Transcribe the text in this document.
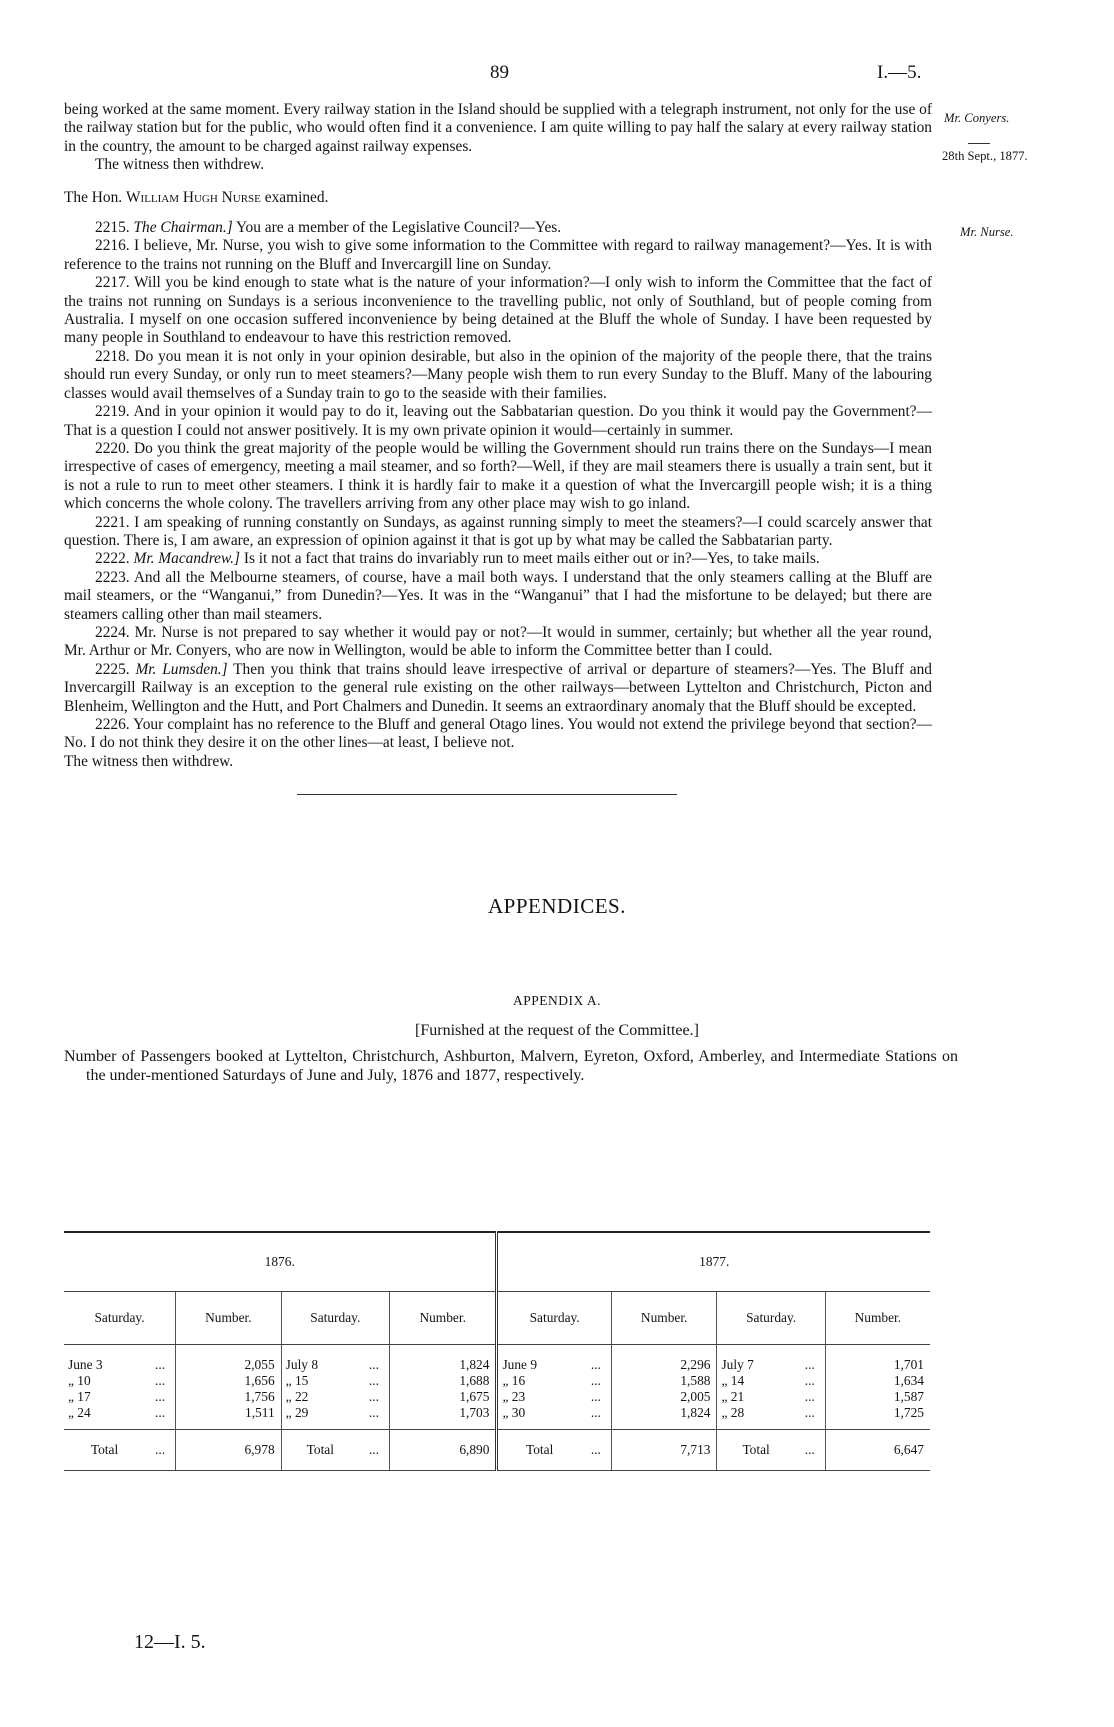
89	I.—5.
Mr. Conyers.
28th Sept., 1877.
Mr. Nurse.

being worked at the same moment. Every railway station in the Island should be supplied with a telegraph instrument, not only for the use of the railway station but for the public, who would often find it a convenience. I am quite willing to pay half the salary at every railway station in the country, the amount to be charged against railway expenses.

The witness then withdrew.

The Hon. William Hugh Nurse examined.

2215. The Chairman.] You are a member of the Legislative Council?—Yes.

2216. I believe, Mr. Nurse, you wish to give some information to the Committee with regard to railway management?—Yes. It is with reference to the trains not running on the Bluff and Invercargill line on Sunday.

2217. Will you be kind enough to state what is the nature of your information?—I only wish to inform the Committee that the fact of the trains not running on Sundays is a serious inconvenience to the travelling public, not only of Southland, but of people coming from Australia. I myself on one occasion suffered inconvenience by being detained at the Bluff the whole of Sunday. I have been requested by many people in Southland to endeavour to have this restriction removed.

2218. Do you mean it is not only in your opinion desirable, but also in the opinion of the majority of the people there, that the trains should run every Sunday, or only run to meet steamers?—Many people wish them to run every Sunday to the Bluff. Many of the labouring classes would avail themselves of a Sunday train to go to the seaside with their families.

2219. And in your opinion it would pay to do it, leaving out the Sabbatarian question. Do you think it would pay the Government?—That is a question I could not answer positively. It is my own private opinion it would—certainly in summer.

2220. Do you think the great majority of the people would be willing the Government should run trains there on the Sundays—I mean irrespective of cases of emergency, meeting a mail steamer, and so forth?—Well, if they are mail steamers there is usually a train sent, but it is not a rule to run to meet other steamers. I think it is hardly fair to make it a question of what the Invercargill people wish; it is a thing which concerns the whole colony. The travellers arriving from any other place may wish to go inland.

2221. I am speaking of running constantly on Sundays, as against running simply to meet the steamers?—I could scarcely answer that question. There is, I am aware, an expression of opinion against it that is got up by what may be called the Sabbatarian party.

2222. Mr. Macandrew.] Is it not a fact that trains do invariably run to meet mails either out or in?—Yes, to take mails.

2223. And all the Melbourne steamers, of course, have a mail both ways. I understand that the only steamers calling at the Bluff are mail steamers, or the “Wanganui,” from Dunedin?—Yes. It was in the “Wanganui” that I had the misfortune to be delayed; but there are steamers calling other than mail steamers.

2224. Mr. Nurse is not prepared to say whether it would pay or not?—It would in summer, certainly; but whether all the year round, Mr. Arthur or Mr. Conyers, who are now in Wellington, would be able to inform the Committee better than I could.

2225. Mr. Lumsden.] Then you think that trains should leave irrespective of arrival or departure of steamers?—Yes. The Bluff and Invercargill Railway is an exception to the general rule existing on the other railways—between Lyttelton and Christchurch, Picton and Blenheim, Wellington and the Hutt, and Port Chalmers and Dunedin. It seems an extraordinary anomaly that the Bluff should be excepted.

2226. Your complaint has no reference to the Bluff and general Otago lines. You would not extend the privilege beyond that section?—No. I do not think they desire it on the other lines—at least, I believe not.

The witness then withdrew.

APPENDICES.
APPENDIX A.
[Furnished at the request of the Committee.]
Number of Passengers booked at Lyttelton, Christchurch, Ashburton, Malvern, Eyreton, Oxford, Amberley, and Intermediate Stations on the under-mentioned Saturdays of June and July, 1876 and 1877, respectively.
1876.						1877.					
Saturday.		Number.	Saturday.		Number.	Saturday.		Number.	Saturday.		Number.
June 3	...	2,055	July 8	...	1,824	June 9	...	2,296	July 7	...	1,701
„ 10	...	1,656	„ 15	...	1,688	„ 16	...	1,588	„ 14	...	1,634
„ 17	...	1,756	„ 22	...	1,675	„ 23	...	2,005	„ 21	...	1,587
„ 24	...	1,511	„ 29	...	1,703	„ 30	...	1,824	„ 28	...	1,725
Total	...	6,978	Total	...	6,890	Total	...	7,713	Total	...	6,647
12—I. 5.
